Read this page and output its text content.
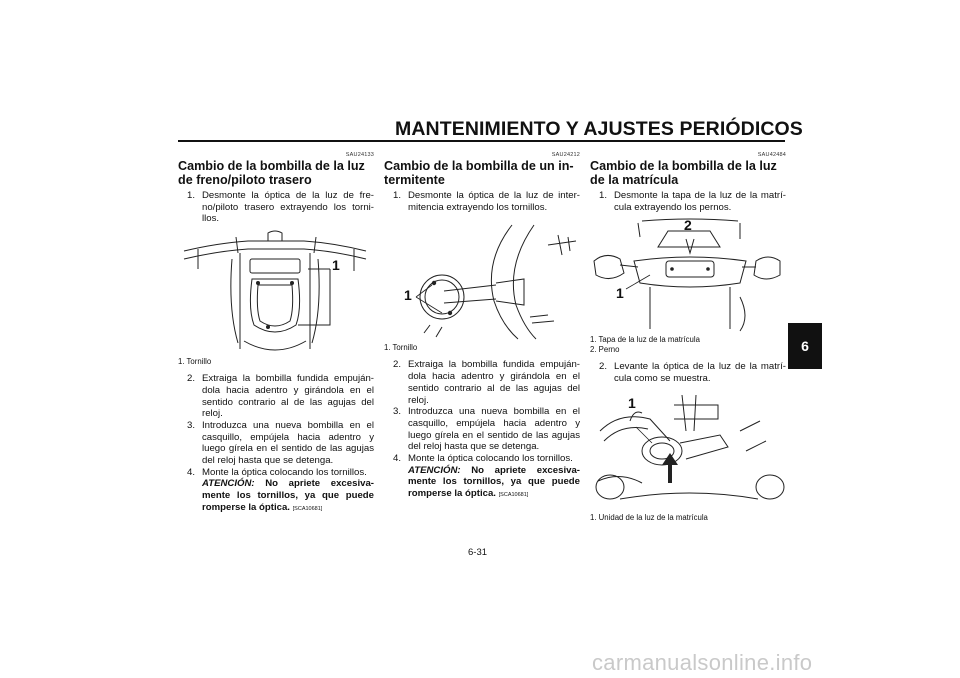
MANTENIMIENTO Y AJUSTES PERIÓDICOS
6
SAU24133
Cambio de la bombilla de la luz
de freno/piloto trasero
1. Desmonte la óptica de la luz de freno/piloto trasero extrayendo los tornillos.
1
1. Tornillo
2. Extraiga la bombilla fundida empujándola hacia adentro y girándola en el sentido contrario al de las agujas del reloj.
3. Introduzca una nueva bombilla en el casquillo, empújela hacia adentro y luego gírela en el sentido de las agujas del reloj hasta que se detenga.
4. Monte la óptica colocando los tornillos.
ATENCIÓN: No apriete excesivamente los tornillos, ya que puede romperse la óptica. [SCA10681]
SAU24212
Cambio de la bombilla de un in-
termitente
1. Desmonte la óptica de la luz de intermitencia extrayendo los tornillos.
1
1. Tornillo
2. Extraiga la bombilla fundida empujándola hacia adentro y girándola en el sentido contrario al de las agujas del reloj.
3. Introduzca una nueva bombilla en el casquillo, empújela hacia adentro y luego gírela en el sentido de las agujas del reloj hasta que se detenga.
4. Monte la óptica colocando los tornillos.
ATENCIÓN: No apriete excesivamente los tornillos, ya que puede romperse la óptica. [SCA10681]
SAU42484
Cambio de la bombilla de la luz
de la matrícula
1. Desmonte la tapa de la luz de la matrícula extrayendo los pernos.
2
1
1. Tapa de la luz de la matrícula
2. Perno
2. Levante la óptica de la luz de la matrícula como se muestra.
1
1. Unidad de la luz de la matrícula
6-31
carmanualsonline.info
